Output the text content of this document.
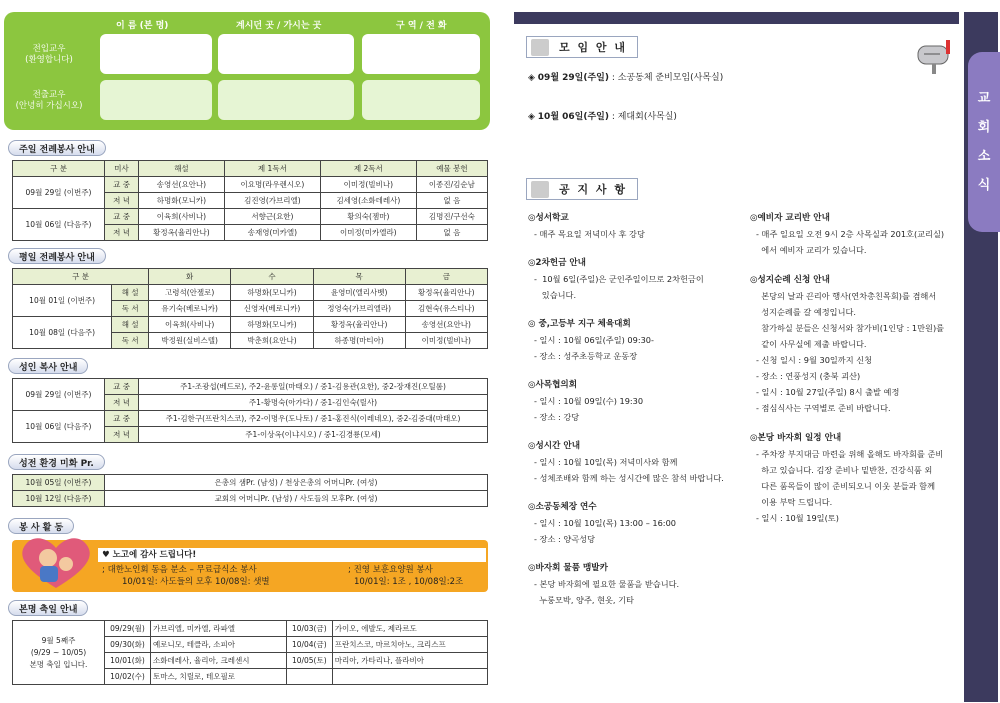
이 름 (본 명)	계시던 곳 / 가시는 곳	구 역 / 전 화
전입교우
(환영합니다)
전출교우
(안녕히 가십시오)
주일 전례봉사 안내
구 분	미사	해설	제 1독서	제 2독서	예물 봉헌
09월 29일 (이번주)	교 중	송영선(요안나)	이요명(라우렌시오)	이미정(빌비나)	이종진/김순남
	저 녁	하명화(모니카)	김진영(가브리엘)	김세영(소화데레사)	없 음
10월 06일 (다음주)	교 중	이육희(사비나)	서향근(요한)	황의숙(젬마)	김명진/구선숙
	저 녁	황정옥(율리안나)	송재영(미카엘)	이미정(미카엘라)	없 음
평일 전례봉사 안내
구 분		화	수	목	금
10월 01일 (이번주)	해 설	고령석(안젤로)	하명화(모니카)	윤영미(엘리사벳)	황정옥(율리안나)
	독 서	유기숙(베로니카)	신영자(베로니카)	정영숙(가브리엘라)	김현숙(유스티나)
10월 08일 (다음주)	해 설	이육희(사비나)	하명화(모니카)	황정옥(율리안나)	송영선(요안나)
	독 서	박정원(실비스텔)	박춘희(요안나)	하종명(마티아)	이미정(빌비나)
성인 복사 안내
09월 29일 (이번주)	교 중	주1-조광섭(베드로), 주2-윤롱일(마태오) / 중1-김용관(요한), 중2-장재진(오틸롬)
	저 녁	주1-황명숙(아가다) / 중1-김인숙(릴사)
10월 06일 (다음주)	교 중	주1-김한구(프란치스코), 주2-이명우(도나토) / 중1-홍진식(이레네오), 중2-김중대(마태오)
	저 녁	주1-이상옥(이냐시오) / 중1-김경룡(모세)
성전 환경 미화 Pr.
10월 05일 (이번주)	은총의 샘Pr. (남성) / 천상은총의 어머니Pr. (여성)
10월 12일 (다음주)	교회의 어머니Pr. (남성) / 사도들의 모후Pr. (여성)
봉 사 활 동
♥ 노고에 감사 드립니다!
; 대한노인회 동음 분소 – 무료급식소 봉사
10/01일: 사도들의 모후 10/08일: 샛별
; 진영 보훈요양원 봉사
10/01일: 1조 , 10/08일:2조
본명 축일 안내
9월 5째주
(9/29 ~ 10/05)
본명 축일 입니다.	09/29(월)	가브리엘, 미카엘, 라파엘	10/03(금)	가이오, 에발도, 제라르도
	09/30(화)	예로니모, 테클라, 소피아	10/04(금)	프란치스코, 마르치아노, 크리스프
	10/01(화)	소화데레사, 율리아, 크레센시	10/05(토)	마리아, 가타리나, 플라비아
	10/02(수)	토마스, 치릴로, 테오필로		
교
회
소
식
모 임 안 내
◈ 09월 29일(주일) : 소공동체 준비모임(사목실)
◈ 10월 06일(주일) : 제대회(사목실)
공 지 사 항
◎성서학교
- 매주 목요일 저녁미사 후 강당
◎2차헌금 안내
-  10월 6일(주일)은 군인주일이므로 2차헌금이
있습니다.
◎ 중,고등부 지구 체육대회
- 일시 : 10월 06일(주일) 09:30-
- 장소 : 성주초등학교 운동장
◎사목협의회
- 일시 : 10월 09일(수) 19:30
- 장소 : 강당
◎성시간 안내
- 일시 : 10월 10일(목) 저녁미사와 함께
- 성체조배와 함께 하는 성시간에 많은 참석 바랍니다.
◎소공동체장 연수
- 일시 : 10월 10일(목) 13:00 – 16:00
- 장소 : 양곡성당
◎바자회 물품 맹발카
- 본당 바자회에 필요한 물품을 받습니다.
누룽모박, 양주, 현옷, 기타
◎예비자 교리반 안내
- 매주 일요일 오전 9시 2층 사목실과 201호(교리실)
에서 예비자 교리가 있습니다.
◎성지순례 신청 안내
본당의 날과 끈리아 행사(연차총친목회)를 겸해서
성지순례를 갈 예정입니다.
참가하실 분들은 신청서와 참가비(1인당 : 1만원)를
같이 사무실에 제출 바랍니다.
- 신청 일시 : 9월 30일까지 신청
- 장소 : 연풍성지 (충북 괴산)
- 일시 : 10월 27일(주일) 8시 출발 예정
- 점심식사는 구역별로 준비 바랍니다.
◎본당 바자회 일정 안내
- 주차장 부지대금 마련을 위해 올해도 바자회를 준비
하고 있습니다. 김장 준비나 밑반찬, 건강식품 외
다른 품목들이 많이 준비되오니 이웃 분들과 함께
이용 부탁 드립니다.
- 일시 : 10월 19일(토)
